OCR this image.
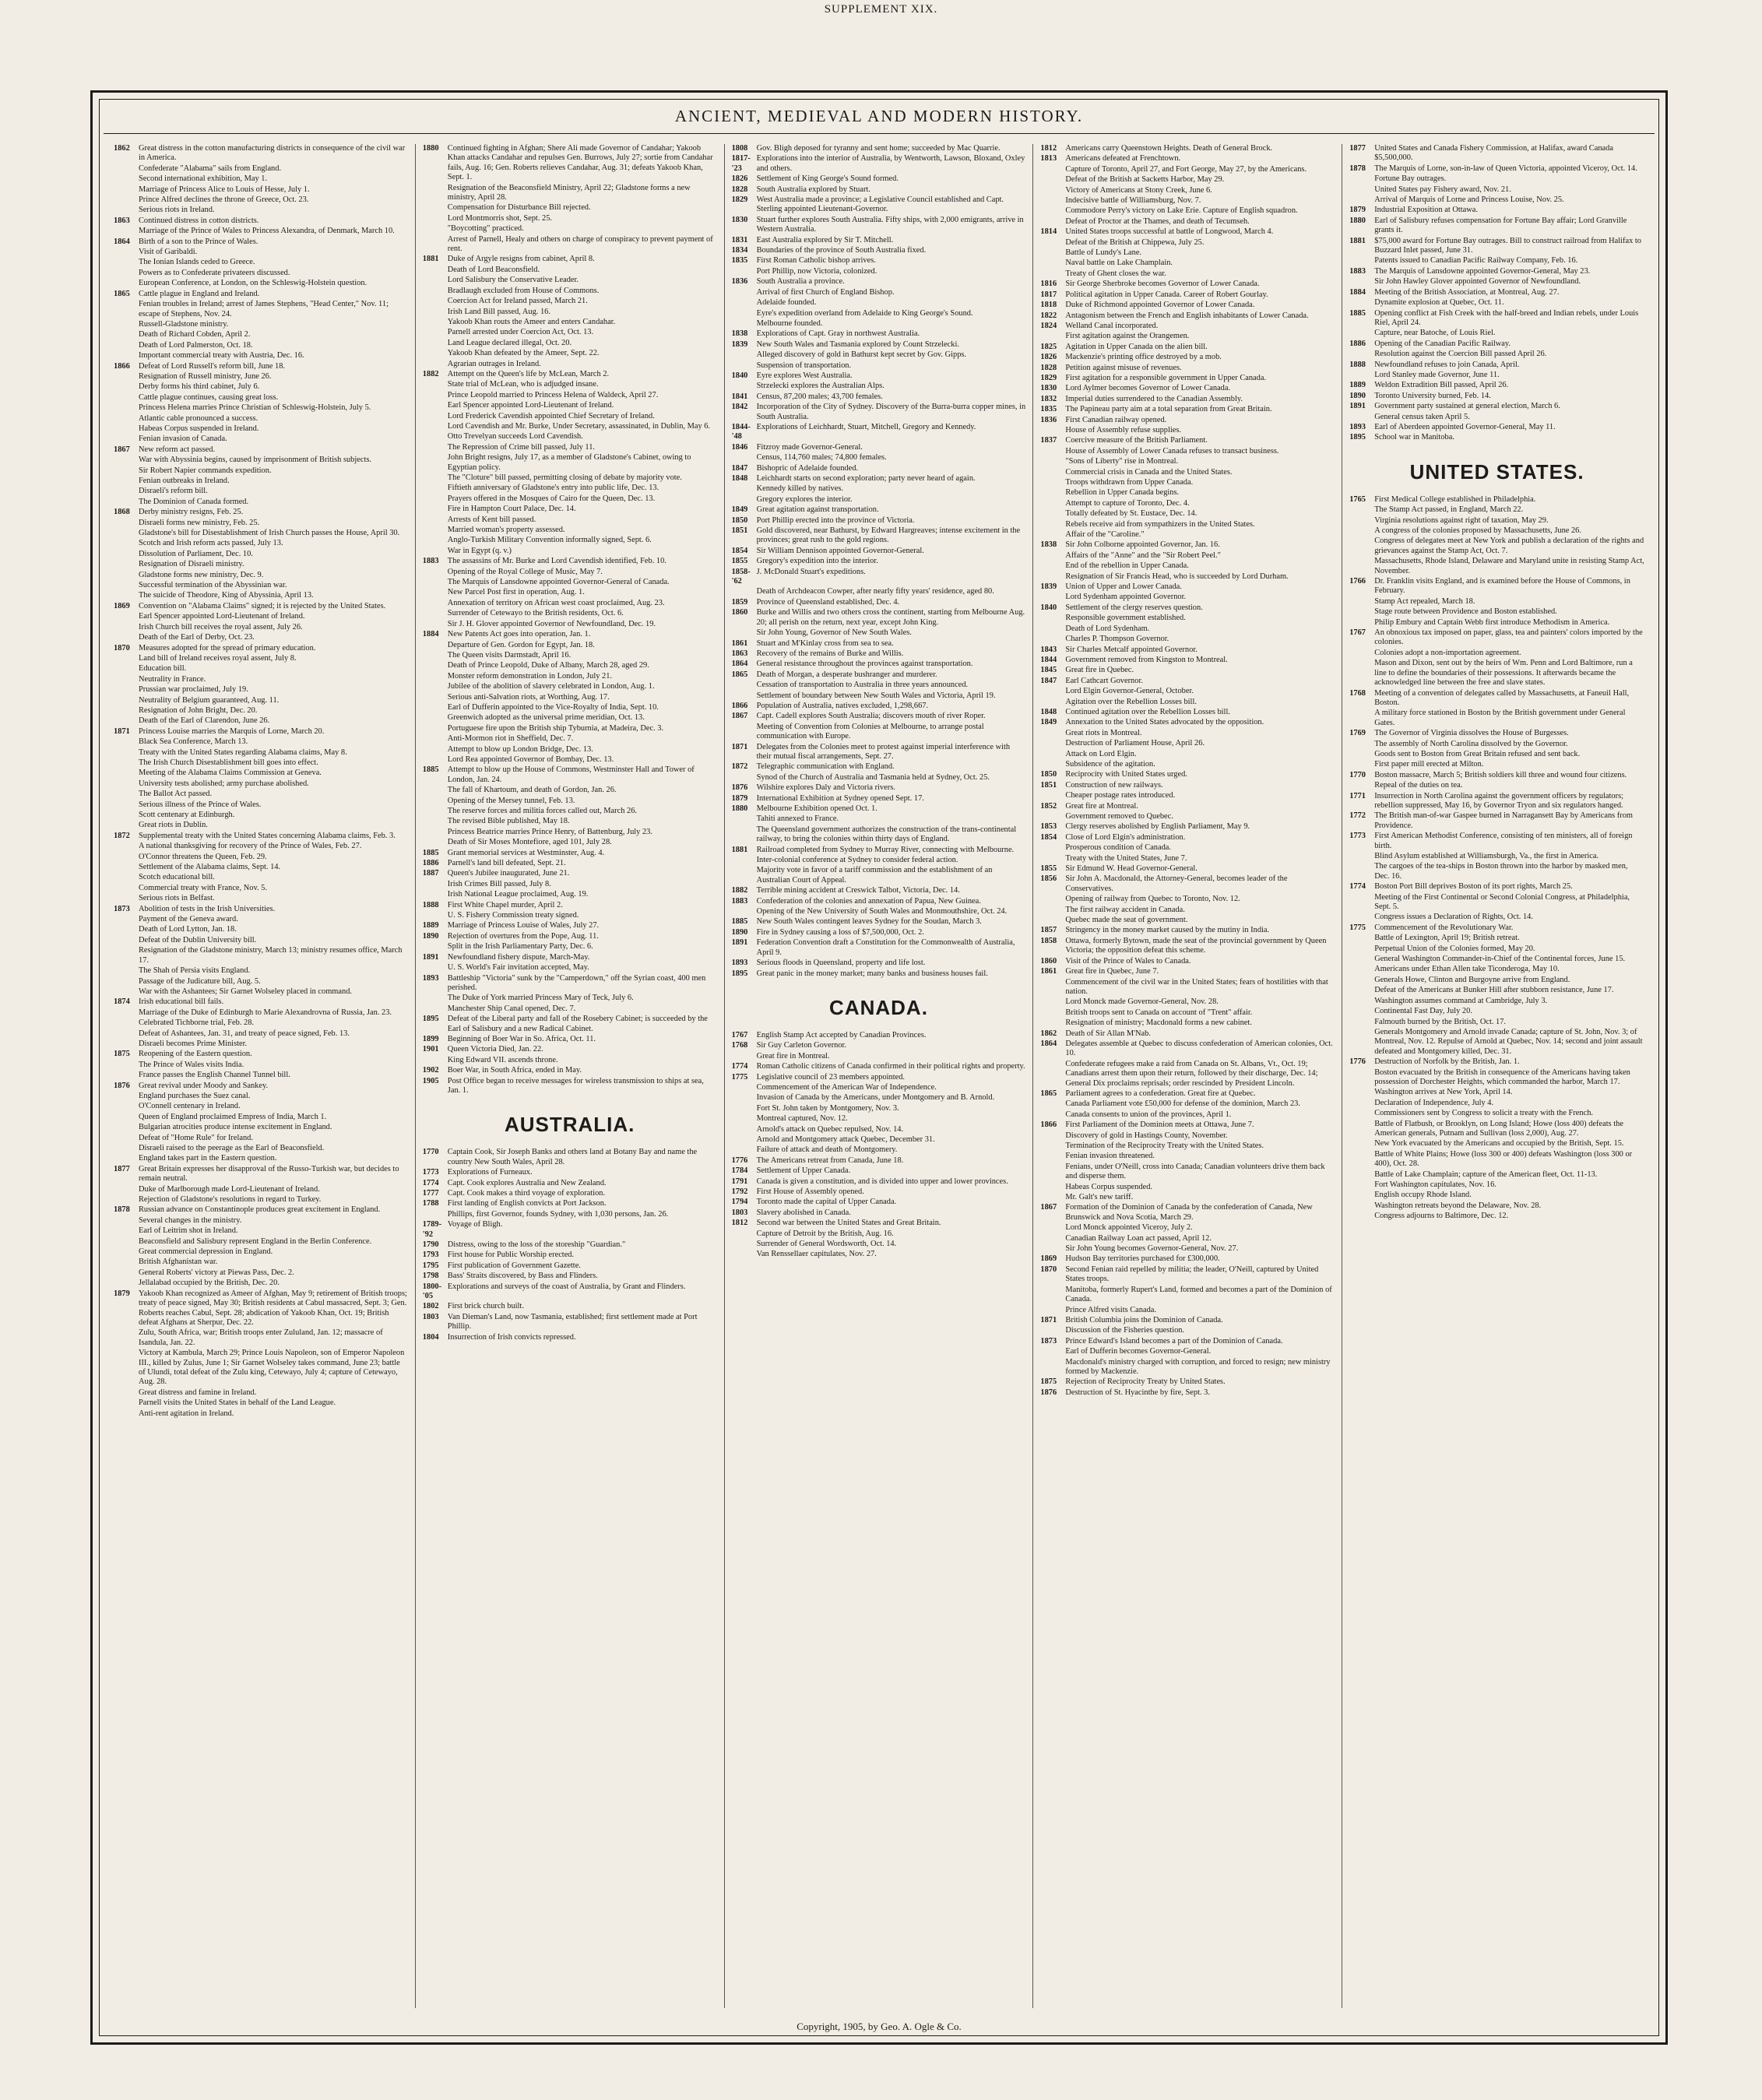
SUPPLEMENT XIX.
ANCIENT, MEDIEVAL AND MODERN HISTORY.
1862	Great distress in the cotton manufacturing districts in consequence of the civil war in America.
Confederate "Alabama" sails from England.
Second international exhibition, May 1.
Marriage of Princess Alice to Louis of Hesse, July 1.
Prince Alfred declines the throne of Greece, Oct. 23.
Serious riots in Ireland.
1863	Continued distress in cotton districts.
Marriage of the Prince of Wales to Princess Alexandra, of Denmark, March 10.
1864	Birth of a son to the Prince of Wales.
Visit of Garibaldi.
The Ionian Islands ceded to Greece.
Powers as to Confederate privateers discussed.
European Conference, at London, on the Schleswig-Holstein question.
1865	Cattle plague in England and Ireland.
Fenian troubles in Ireland; arrest of James Stephens, "Head Center," Nov. 11; escape of Stephens, Nov. 24.
Russell-Gladstone ministry.
Death of Richard Cobden, April 2.
Death of Lord Palmerston, Oct. 18.
Important commercial treaty with Austria, Dec. 16.
1866	Defeat of Lord Russell's reform bill, June 18.
Resignation of Russell ministry, June 26.
Derby forms his third cabinet, July 6.
Cattle plague continues, causing great loss.
Princess Helena marries Prince Christian of Schleswig-Holstein, July 5.
Atlantic cable pronounced a success.
Habeas Corpus suspended in Ireland.
Fenian invasion of Canada.
1867	New reform act passed.
War with Abyssinia begins, caused by imprisonment of British subjects.
Sir Robert Napier commands expedition.
Fenian outbreaks in Ireland.
Disraeli's reform bill.
The Dominion of Canada formed.
1868	Derby ministry resigns, Feb. 25.
Disraeli forms new ministry, Feb. 25.
Gladstone's bill for Disestablishment of Irish Church passes the House, April 30.
Scotch and Irish reform acts passed, July 13.
Dissolution of Parliament, Dec. 10.
Resignation of Disraeli ministry.
Gladstone forms new ministry, Dec. 9.
Successful termination of the Abyssinian war.
The suicide of Theodore, King of Abyssinia, April 13.
1869	Convention on "Alabama Claims" signed; it is rejected by the United States.
Earl Spencer appointed Lord-Lieutenant of Ireland.
Irish Church bill receives the royal assent, July 26.
Death of the Earl of Derby, Oct. 23.
1870	Measures adopted for the spread of primary education.
Land bill of Ireland receives royal assent, July 8.
Education bill.
Neutrality in France.
Prussian war proclaimed, July 19.
Neutrality of Belgium guaranteed, Aug. 11.
Resignation of John Bright, Dec. 20.
Death of the Earl of Clarendon, June 26.
1871	Princess Louise marries the Marquis of Lorne, March 20.
Black Sea Conference, March 13.
Treaty with the United States regarding Alabama claims, May 8.
The Irish Church Disestablishment bill goes into effect.
Meeting of the Alabama Claims Commission at Geneva.
University tests abolished; army purchase abolished.
The Ballot Act passed.
Serious illness of the Prince of Wales.
Scott centenary at Edinburgh.
Great riots in Dublin.
1872	Supplemental treaty with the United States concerning Alabama claims, Feb. 3.
A national thanksgiving for recovery of the Prince of Wales, Feb. 27.
O'Connor threatens the Queen, Feb. 29.
Settlement of the Alabama claims, Sept. 14.
Scotch educational bill.
Commercial treaty with France, Nov. 5.
Serious riots in Belfast.
1873	Abolition of tests in the Irish Universities.
Payment of the Geneva award.
Death of Lord Lytton, Jan. 18.
Defeat of the Dublin University bill.
Resignation of the Gladstone ministry, March 13; ministry resumes office, March 17.
The Shah of Persia visits England.
Passage of the Judicature bill, Aug. 5.
War with the Ashantees; Sir Garnet Wolseley placed in command.
1874	Irish educational bill fails.
Marriage of the Duke of Edinburgh to Marie Alexandrovna of Russia, Jan. 23.
Celebrated Tichborne trial, Feb. 28.
Defeat of Ashantees, Jan. 31, and treaty of peace signed, Feb. 13.
Disraeli becomes Prime Minister.
1875	Reopening of the Eastern question.
The Prince of Wales visits India.
France passes the English Channel Tunnel bill.
1876	Great revival under Moody and Sankey.
England purchases the Suez canal.
O'Connell centenary in Ireland.
Queen of England proclaimed Empress of India, March 1.
Bulgarian atrocities produce intense excitement in England.
Defeat of "Home Rule" for Ireland.
Disraeli raised to the peerage as the Earl of Beaconsfield.
England takes part in the Eastern question.
1877	Great Britain expresses her disapproval of the Russo-Turkish war, but decides to remain neutral.
Duke of Marlborough made Lord-Lieutenant of Ireland.
Rejection of Gladstone's resolutions in regard to Turkey.
1878	Russian advance on Constantinople produces great excitement in England.
Several changes in the ministry.
Earl of Leitrim shot in Ireland.
Beaconsfield and Salisbury represent England in the Berlin Conference.
Great commercial depression in England.
British Afghanistan war.
General Roberts' victory at Piewas Pass, Dec. 2.
Jellalabad occupied by the British, Dec. 20.
1879	Yakoob Khan recognized as Ameer of Afghan, May 9; retirement of British troops; treaty of peace signed, May 30; British residents at Cabul massacred, Sept. 3; Gen. Roberts reaches Cabul, Sept. 28; abdication of Yakoob Khan, Oct. 19; British defeat Afghans at Sherpur, Dec. 22.
Zulu, South Africa, war; British troops enter Zululand, Jan. 12; massacre of Isandula, Jan. 22.
Victory at Kambula, March 29; Prince Louis Napoleon, son of Emperor Napoleon III., killed by Zulus, June 1; Sir Garnet Wolseley takes command, June 23; battle of Ulundi, total defeat of the Zulu king, Cetewayo, July 4; capture of Cetewayo, Aug. 28.
Great distress and famine in Ireland.
Parnell visits the United States in behalf of the Land League.
Anti-rent agitation in Ireland.
1880	Continued fighting in Afghan; Shere Ali made Governor of Candahar; Yakoob Khan attacks Candahar and repulses Gen. Burrows, July 27; sortie from Candahar fails, Aug. 16; Gen. Roberts relieves Candahar, Aug. 31; defeats Yakoob Khan, Sept. 1.
Resignation of the Beaconsfield Ministry, April 22; Gladstone forms a new ministry, April 28.
Compensation for Disturbance Bill rejected.
Lord Montmorris shot, Sept. 25.
"Boycotting" practiced.
Arrest of Parnell, Healy and others on charge of conspiracy to prevent payment of rent.
1881	Duke of Argyle resigns from cabinet, April 8.
Death of Lord Beaconsfield.
Lord Salisbury the Conservative Leader.
Bradlaugh excluded from House of Commons.
Coercion Act for Ireland passed, March 21.
Irish Land Bill passed, Aug. 16.
Yakoob Khan routs the Ameer and enters Candahar.
Parnell arrested under Coercion Act, Oct. 13.
Land League declared illegal, Oct. 20.
Yakoob Khan defeated by the Ameer, Sept. 22.
Agrarian outrages in Ireland.
1882	Attempt on the Queen's life by McLean, March 2.
State trial of McLean, who is adjudged insane.
Prince Leopold married to Princess Helena of Waldeck, April 27.
Earl Spencer appointed Lord-Lieutenant of Ireland.
Lord Frederick Cavendish appointed Chief Secretary of Ireland.
Lord Cavendish and Mr. Burke, Under Secretary, assassinated, in Dublin, May 6.
Otto Trevelyan succeeds Lord Cavendish.
The Repression of Crime bill passed, July 11.
John Bright resigns, July 17, as a member of Gladstone's Cabinet, owing to Egyptian policy.
The "Cloture" bill passed, permitting closing of debate by majority vote.
Fiftieth anniversary of Gladstone's entry into public life, Dec. 13.
Prayers offered in the Mosques of Cairo for the Queen, Dec. 13.
Fire in Hampton Court Palace, Dec. 14.
Arrests of Kent bill passed.
Married woman's property assessed.
Anglo-Turkish Military Convention informally signed, Sept. 6.
War in Egypt (q. v.)
1883	The assassins of Mr. Burke and Lord Cavendish identified, Feb. 10.
Opening of the Royal College of Music, May 7.
The Marquis of Lansdowne appointed Governor-General of Canada.
New Parcel Post first in operation, Aug. 1.
Annexation of territory on African west coast proclaimed, Aug. 23.
Surrender of Cetewayo to the British residents, Oct. 6.
Sir J. H. Glover appointed Governor of Newfoundland, Dec. 19.
1884	New Patents Act goes into operation, Jan. 1.
Departure of Gen. Gordon for Egypt, Jan. 18.
The Queen visits Darmstadt, April 16.
Death of Prince Leopold, Duke of Albany, March 28, aged 29.
Monster reform demonstration in London, July 21.
Jubilee of the abolition of slavery celebrated in London, Aug. 1.
Serious anti-Salvation riots, at Worthing, Aug. 17.
Earl of Dufferin appointed to the Vice-Royalty of India, Sept. 10.
Greenwich adopted as the universal prime meridian, Oct. 13.
Portuguese fire upon the British ship Tyburnia, at Madeira, Dec. 3.
Anti-Mormon riot in Sheffield, Dec. 7.
Attempt to blow up London Bridge, Dec. 13.
Lord Rea appointed Governor of Bombay, Dec. 13.
1885	Attempt to blow up the House of Commons, Westminster Hall and Tower of London, Jan. 24.
The fall of Khartoum, and death of Gordon, Jan. 26.
Opening of the Mersey tunnel, Feb. 13.
The reserve forces and militia forces called out, March 26.
The revised Bible published, May 18.
Princess Beatrice marries Prince Henry, of Battenburg, July 23.
Death of Sir Moses Montefiore, aged 101, July 28.
1885	Grant memorial services at Westminster, Aug. 4.
1886	Parnell's land bill defeated, Sept. 21.
1887	Queen's Jubilee inaugurated, June 21.
Irish Crimes Bill passed, July 8.
Irish National League proclaimed, Aug. 19.
1888	First White Chapel murder, April 2.
U. S. Fishery Commission treaty signed.
1889	Marriage of Princess Louise of Wales, July 27.
1890	Rejection of overtures from the Pope, Aug. 11.
Split in the Irish Parliamentary Party, Dec. 6.
1891	Newfoundland fishery dispute, March-May.
U. S. World's Fair invitation accepted, May.
1893	Battleship "Victoria" sunk by the "Camperdown," off the Syrian coast, 400 men perished.
The Duke of York married Princess Mary of Teck, July 6.
Manchester Ship Canal opened, Dec. 7.
1895	Defeat of the Liberal party and fall of the Rosebery Cabinet; is succeeded by the Earl of Salisbury and a new Radical Cabinet.
1899	Beginning of Boer War in So. Africa, Oct. 11.
1901	Queen Victoria Died, Jan. 22.
King Edward VII. ascends throne.
1902	Boer War, in South Africa, ended in May.
1905	Post Office began to receive messages for wireless transmission to ships at sea, Jan. 1.
AUSTRALIA.
1770	Captain Cook, Sir Joseph Banks and others land at Botany Bay and name the country New South Wales, April 28.
1773	Explorations of Furneaux.
1774	Capt. Cook explores Australia and New Zealand.
1777	Capt. Cook makes a third voyage of exploration.
1788	First landing of English convicts at Port Jackson.
Phillips, first Governor, founds Sydney, with 1,030 persons, Jan. 26.
1789-'92
Voyage of Bligh.
1790	Distress, owing to the loss of the storeship "Guardian."
1793	First house for Public Worship erected.
1795	First publication of Government Gazette.
1798	Bass' Straits discovered, by Bass and Flinders.
1800-'05
Explorations and surveys of the coast of Australia, by Grant and Flinders.
1802	First brick church built.
1803	Van Dieman's Land, now Tasmania, established; first settlement made at Port Phillip.
1804	Insurrection of Irish convicts repressed.
1808	Gov. Bligh deposed for tyranny and sent home; succeeded by Mac Quarrie.
1817-'23
Explorations into the interior of Australia, by Wentworth, Lawson, Bloxand, Oxley and others.
1826	Settlement of King George's Sound formed.
1828	South Australia explored by Stuart.
1829	West Australia made a province; a Legislative Council established and Capt. Sterling appointed Lieutenant-Governor.
1830	Stuart further explores South Australia. Fifty ships, with 2,000 emigrants, arrive in Western Australia.
1831	East Australia explored by Sir T. Mitchell.
1834	Boundaries of the province of South Australia fixed.
1835	First Roman Catholic bishop arrives.
Port Phillip, now Victoria, colonized.
1836	South Australia a province.
Arrival of first Church of England Bishop.
Adelaide founded.
Eyre's expedition overland from Adelaide to King George's Sound.
Melbourne founded.
1838	Explorations of Capt. Gray in northwest Australia.
1839	New South Wales and Tasmania explored by Count Strzelecki.
Alleged discovery of gold in Bathurst kept secret by Gov. Gipps.
Suspension of transportation.
1840	Eyre explores West Australia.
Strzelecki explores the Australian Alps.
1841	Census, 87,200 males; 43,700 females.
1842	Incorporation of the City of Sydney. Discovery of the Burra-burra copper mines, in South Australia.
1844-'48
Explorations of Leichhardt, Stuart, Mitchell, Gregory and Kennedy.
1846	Fitzroy made Governor-General.
Census, 114,760 males; 74,800 females.
1847	Bishopric of Adelaide founded.
1848	Leichhardt starts on second exploration; party never heard of again.
Kennedy killed by natives.
Gregory explores the interior.
1849	Great agitation against transportation.
1850	Port Phillip erected into the province of Victoria.
1851	Gold discovered, near Bathurst, by Edward Hargreaves; intense excitement in the provinces; great rush to the gold regions.
1854	Sir William Dennison appointed Governor-General.
1855	Gregory's expedition into the interior.
1858-'62
J. McDonald Stuart's expeditions.
Death of Archdeacon Cowper, after nearly fifty years' residence, aged 80.
1859	Province of Queensland established, Dec. 4.
1860	Burke and Willis and two others cross the continent, starting from Melbourne Aug. 20; all perish on the return, next year, except John King.
Sir John Young, Governor of New South Wales.
1861	Stuart and M'Kinlay cross from sea to sea.
1863	Recovery of the remains of Burke and Willis.
1864	General resistance throughout the provinces against transportation.
1865	Death of Morgan, a desperate bushranger and murderer.
Cessation of transportation to Australia in three years announced.
Settlement of boundary between New South Wales and Victoria, April 19.
1866	Population of Australia, natives excluded, 1,298,667.
1867	Capt. Cadell explores South Australia; discovers mouth of river Roper.
Meeting of Convention from Colonies at Melbourne, to arrange postal communication with Europe.
1871	Delegates from the Colonies meet to protest against imperial interference with their mutual fiscal arrangements, Sept. 27.
1872	Telegraphic communication with England.
Synod of the Church of Australia and Tasmania held at Sydney, Oct. 25.
1876	Wilshire explores Daly and Victoria rivers.
1879	International Exhibition at Sydney opened Sept. 17.
1880	Melbourne Exhibition opened Oct. 1.
Tahiti annexed to France.
The Queensland government authorizes the construction of the trans-continental railway, to bring the colonies within thirty days of England.
1881	Railroad completed from Sydney to Murray River, connecting with Melbourne.
Inter-colonial conference at Sydney to consider federal action.
Majority vote in favor of a tariff commission and the establishment of an Australian Court of Appeal.
1882	Terrible mining accident at Creswick Talbot, Victoria, Dec. 14.
1883	Confederation of the colonies and annexation of Papua, New Guinea.
Opening of the New University of South Wales and Monmouthshire, Oct. 24.
1885	New South Wales contingent leaves Sydney for the Soudan, March 3.
1890	Fire in Sydney causing a loss of $7,500,000, Oct. 2.
1891	Federation Convention draft a Constitution for the Commonwealth of Australia, April 9.
1893	Serious floods in Queensland, property and life lost.
1895	Great panic in the money market; many banks and business houses fail.
CANADA.
1767	English Stamp Act accepted by Canadian Provinces.
1768	Sir Guy Carleton Governor.
Great fire in Montreal.
1774	Roman Catholic citizens of Canada confirmed in their political rights and property.
1775	Legislative council of 23 members appointed.
Commencement of the American War of Independence.
Invasion of Canada by the Americans, under Montgomery and B. Arnold.
Fort St. John taken by Montgomery, Nov. 3.
Montreal captured, Nov. 12.
Arnold's attack on Quebec repulsed, Nov. 14.
Arnold and Montgomery attack Quebec, December 31.
Failure of attack and death of Montgomery.
1776	The Americans retreat from Canada, June 18.
1784	Settlement of Upper Canada.
1791	Canada is given a constitution, and is divided into upper and lower provinces.
1792	First House of Assembly opened.
1794	Toronto made the capital of Upper Canada.
1803	Slavery abolished in Canada.
1812	Second war between the United States and Great Britain.
Capture of Detroit by the British, Aug. 16.
Surrender of General Wordsworth, Oct. 14.
Van Renssellaer capitulates, Nov. 27.
1812	Americans carry Queenstown Heights. Death of General Brock.
1813	Americans defeated at Frenchtown.
Capture of Toronto, April 27, and Fort George, May 27, by the Americans.
Defeat of the British at Sacketts Harbor, May 29.
Victory of Americans at Stony Creek, June 6.
Indecisive battle of Williamsburg, Nov. 7.
Commodore Perry's victory on Lake Erie. Capture of English squadron.
Defeat of Proctor at the Thames, and death of Tecumseh.
1814	United States troops successful at battle of Longwood, March 4.
Defeat of the British at Chippewa, July 25.
Battle of Lundy's Lane.
Naval battle on Lake Champlain.
Treaty of Ghent closes the war.
1816	Sir George Sherbroke becomes Governor of Lower Canada.
1817	Political agitation in Upper Canada. Career of Robert Gourlay.
1818	Duke of Richmond appointed Governor of Lower Canada.
1822	Antagonism between the French and English inhabitants of Lower Canada.
1824	Welland Canal incorporated.
First agitation against the Orangemen.
1825	Agitation in Upper Canada on the alien bill.
1826	Mackenzie's printing office destroyed by a mob.
1828	Petition against misuse of revenues.
1829	First agitation for a responsible government in Upper Canada.
1830	Lord Aylmer becomes Governor of Lower Canada.
1832	Imperial duties surrendered to the Canadian Assembly.
1835	The Papineau party aim at a total separation from Great Britain.
1836	First Canadian railway opened.
House of Assembly refuse supplies.
1837	Coercive measure of the British Parliament.
House of Assembly of Lower Canada refuses to transact business.
"Sons of Liberty" rise in Montreal.
Commercial crisis in Canada and the United States.
Troops withdrawn from Upper Canada.
Rebellion in Upper Canada begins.
Attempt to capture of Toronto, Dec. 4.
Totally defeated by St. Eustace, Dec. 14.
Rebels receive aid from sympathizers in the United States.
Affair of the "Caroline."
1838	Sir John Colborne appointed Governor, Jan. 16.
Affairs of the "Anne" and the "Sir Robert Peel."
End of the rebellion in Upper Canada.
Resignation of Sir Francis Head, who is succeeded by Lord Durham.
1839	Union of Upper and Lower Canada.
Lord Sydenham appointed Governor.
1840	Settlement of the clergy reserves question.
Responsible government established.
Death of Lord Sydenham.
Charles P. Thompson Governor.
1843	Sir Charles Metcalf appointed Governor.
1844	Government removed from Kingston to Montreal.
1845	Great fire in Quebec.
1847	Earl Cathcart Governor.
Lord Elgin Governor-General, October.
Agitation over the Rebellion Losses bill.
1848	Continued agitation over the Rebellion Losses bill.
1849	Annexation to the United States advocated by the opposition.
Great riots in Montreal.
Destruction of Parliament House, April 26.
Attack on Lord Elgin.
Subsidence of the agitation.
1850	Reciprocity with United States urged.
1851	Construction of new railways.
Cheaper postage rates introduced.
1852	Great fire at Montreal.
Government removed to Quebec.
1853	Clergy reserves abolished by English Parliament, May 9.
1854	Close of Lord Elgin's administration.
Prosperous condition of Canada.
Treaty with the United States, June 7.
1855	Sir Edmund W. Head Governor-General.
1856	Sir John A. Macdonald, the Attorney-General, becomes leader of the Conservatives.
Opening of railway from Quebec to Toronto, Nov. 12.
The first railway accident in Canada.
Quebec made the seat of government.
1857	Stringency in the money market caused by the mutiny in India.
1858	Ottawa, formerly Bytown, made the seat of the provincial government by Queen Victoria; the opposition defeat this scheme.
1860	Visit of the Prince of Wales to Canada.
1861	Great fire in Quebec, June 7.
Commencement of the civil war in the United States; fears of hostilities with that nation.
Lord Monck made Governor-General, Nov. 28.
British troops sent to Canada on account of "Trent" affair.
Resignation of ministry; Macdonald forms a new cabinet.
1862	Death of Sir Allan M'Nab.
1864	Delegates assemble at Quebec to discuss confederation of American colonies, Oct. 10.
Confederate refugees make a raid from Canada on St. Albans, Vt., Oct. 19; Canadians arrest them upon their return, followed by their discharge, Dec. 14; General Dix proclaims reprisals; order rescinded by President Lincoln.
1865	Parliament agrees to a confederation. Great fire at Quebec.
Canada Parliament vote £50,000 for defense of the dominion, March 23.
Canada consents to union of the provinces, April 1.
1866	First Parliament of the Dominion meets at Ottawa, June 7.
Discovery of gold in Hastings County, November.
Termination of the Reciprocity Treaty with the United States.
Fenian invasion threatened.
Fenians, under O'Neill, cross into Canada; Canadian volunteers drive them back and disperse them.
Habeas Corpus suspended.
Mr. Galt's new tariff.
1867	Formation of the Dominion of Canada by the confederation of Canada, New Brunswick and Nova Scotia, March 29.
Lord Monck appointed Viceroy, July 2.
Canadian Railway Loan act passed, April 12.
Sir John Young becomes Governor-General, Nov. 27.
1869	Hudson Bay territories purchased for £300,000.
1870	Second Fenian raid repelled by militia; the leader, O'Neill, captured by United States troops.
Manitoba, formerly Rupert's Land, formed and becomes a part of the Dominion of Canada.
Prince Alfred visits Canada.
1871	British Columbia joins the Dominion of Canada.
Discussion of the Fisheries question.
1873	Prince Edward's Island becomes a part of the Dominion of Canada.
Earl of Dufferin becomes Governor-General.
Macdonald's ministry charged with corruption, and forced to resign; new ministry formed by Mackenzie.
1875	Rejection of Reciprocity Treaty by United States.
1876	Destruction of St. Hyacinthe by fire, Sept. 3.
1877	United States and Canada Fishery Commission, at Halifax, award Canada $5,500,000.
1878	The Marquis of Lorne, son-in-law of Queen Victoria, appointed Viceroy, Oct. 14.
Fortune Bay outrages.
United States pay Fishery award, Nov. 21.
Arrival of Marquis of Lorne and Princess Louise, Nov. 25.
1879	Industrial Exposition at Ottawa.
1880	Earl of Salisbury refuses compensation for Fortune Bay affair; Lord Granville grants it.
1881	$75,000 award for Fortune Bay outrages. Bill to construct railroad from Halifax to Buzzard Inlet passed, June 31.
Patents issued to Canadian Pacific Railway Company, Feb. 16.
1883	The Marquis of Lansdowne appointed Governor-General, May 23.
Sir John Hawley Glover appointed Governor of Newfoundland.
1884	Meeting of the British Association, at Montreal, Aug. 27.
Dynamite explosion at Quebec, Oct. 11.
1885	Opening conflict at Fish Creek with the half-breed and Indian rebels, under Louis Riel, April 24.
Capture, near Batoche, of Louis Riel.
1886	Opening of the Canadian Pacific Railway.
Resolution against the Coercion Bill passed April 26.
1888	Newfoundland refuses to join Canada, April.
Lord Stanley made Governor, June 11.
1889	Weldon Extradition Bill passed, April 26.
1890	Toronto University burned, Feb. 14.
1891	Government party sustained at general election, March 6.
General census taken April 5.
1893	Earl of Aberdeen appointed Governor-General, May 11.
1895	School war in Manitoba.
UNITED STATES.
1765	First Medical College established in Philadelphia.
The Stamp Act passed, in England, March 22.
Virginia resolutions against right of taxation, May 29.
A congress of the colonies proposed by Massachusetts, June 26.
Congress of delegates meet at New York and publish a declaration of the rights and grievances against the Stamp Act, Oct. 7.
Massachusetts, Rhode Island, Delaware and Maryland unite in resisting Stamp Act, November.
1766	Dr. Franklin visits England, and is examined before the House of Commons, in February.
Stamp Act repealed, March 18.
Stage route between Providence and Boston established.
Philip Embury and Captain Webb first introduce Methodism in America.
1767	An obnoxious tax imposed on paper, glass, tea and painters' colors imported by the colonies.
Colonies adopt a non-importation agreement.
Mason and Dixon, sent out by the heirs of Wm. Penn and Lord Baltimore, run a line to define the boundaries of their possessions. It afterwards became the acknowledged line between the free and slave states.
1768	Meeting of a convention of delegates called by Massachusetts, at Faneuil Hall, Boston.
A military force stationed in Boston by the British government under General Gates.
1769	The Governor of Virginia dissolves the House of Burgesses.
The assembly of North Carolina dissolved by the Governor.
Goods sent to Boston from Great Britain refused and sent back.
First paper mill erected at Milton.
1770	Boston massacre, March 5; British soldiers kill three and wound four citizens.
Repeal of the duties on tea.
1771	Insurrection in North Carolina against the government officers by regulators; rebellion suppressed, May 16, by Governor Tryon and six regulators hanged.
1772	The British man-of-war Gaspee burned in Narragansett Bay by Americans from Providence.
1773	First American Methodist Conference, consisting of ten ministers, all of foreign birth.
Blind Asylum established at Williamsburgh, Va., the first in America.
The cargoes of the tea-ships in Boston thrown into the harbor by masked men, Dec. 16.
1774	Boston Port Bill deprives Boston of its port rights, March 25.
Meeting of the First Continental or Second Colonial Congress, at Philadelphia, Sept. 5.
Congress issues a Declaration of Rights, Oct. 14.
1775	Commencement of the Revolutionary War.
Battle of Lexington, April 19; British retreat.
Perpetual Union of the Colonies formed, May 20.
General Washington Commander-in-Chief of the Continental forces, June 15.
Americans under Ethan Allen take Ticonderoga, May 10.
Generals Howe, Clinton and Burgoyne arrive from England.
Defeat of the Americans at Bunker Hill after stubborn resistance, June 17.
Washington assumes command at Cambridge, July 3.
Continental Fast Day, July 20.
Falmouth burned by the British, Oct. 17.
Generals Montgomery and Arnold invade Canada; capture of St. John, Nov. 3; of Montreal, Nov. 12. Repulse of Arnold at Quebec, Nov. 14; second and joint assault defeated and Montgomery killed, Dec. 31.
1776	Destruction of Norfolk by the British, Jan. 1.
Boston evacuated by the British in consequence of the Americans having taken possession of Dorchester Heights, which commanded the harbor, March 17.
Washington arrives at New York, April 14.
Declaration of Independence, July 4.
Commissioners sent by Congress to solicit a treaty with the French.
Battle of Flatbush, or Brooklyn, on Long Island; Howe (loss 400) defeats the American generals, Putnam and Sullivan (loss 2,000), Aug. 27.
New York evacuated by the Americans and occupied by the British, Sept. 15.
Battle of White Plains; Howe (loss 300 or 400) defeats Washington (loss 300 or 400), Oct. 28.
Battle of Lake Champlain; capture of the American fleet, Oct. 11-13.
Fort Washington capitulates, Nov. 16.
English occupy Rhode Island.
Washington retreats beyond the Delaware, Nov. 28.
Congress adjourns to Baltimore, Dec. 12.
Copyright, 1905, by Geo. A. Ogle & Co.
